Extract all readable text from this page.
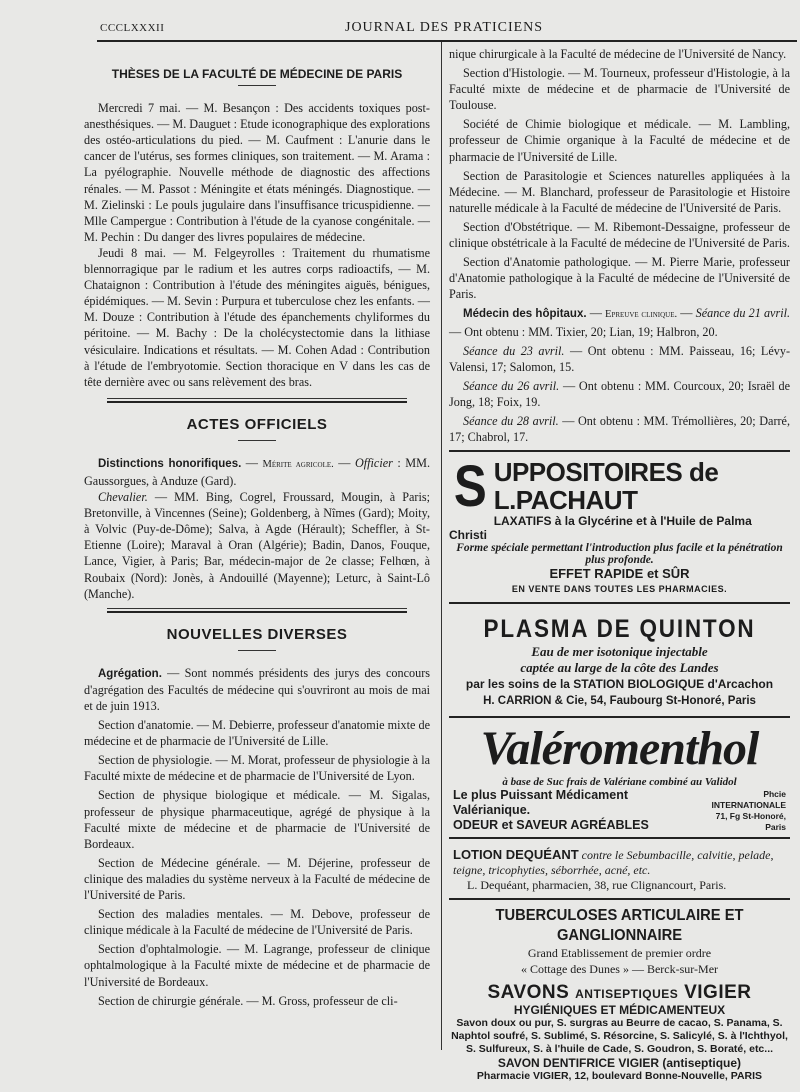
CCCLXXXII	JOURNAL DES PRATICIENS
THÈSES DE LA FACULTÉ DE MÉDECINE DE PARIS

Mercredi 7 mai. — M. Besançon : Des accidents toxiques post-anesthésiques. — M. Dauguet : Etude iconographique des explorations des ostéo-articulations du pied. — M. Caufment : L'anurie dans le cancer de l'utérus, ses formes cliniques, son traitement. — M. Arama : La pyélographie. Nouvelle méthode de diagnostic des affections rénales. — M. Passot : Méningite et états méningés. Diagnostique. — M. Zielinski : Le pouls jugulaire dans l'insuffisance tricuspidienne. — Mlle Campergue : Contribution à l'étude de la cyanose congénitale. — M. Pechin : Du danger des livres populaires de médecine.

Jeudi 8 mai. — M. Felgeyrolles : Traitement du rhumatisme blennorragique par le radium et les autres corps radioactifs, — M. Chataignon : Contribution à l'étude des méningites aiguës, bénigues, épidémiques. — M. Sevin : Purpura et tuberculose chez les enfants. — M. Douze : Contribution à l'étude des épanchements chyliformes du péritoine. — M. Bachy : De la cholécystectomie dans la lithiase vésiculaire. Indications et résultats. — M. Cohen Adad : Contribution à l'étude de l'embryotomie. Section thoracique en V dans les cas de tête dernière avec ou sans relèvement des bras.

ACTES OFFICIELS

Distinctions honorifiques. — Mérite agricole. — Officier : MM. Gaussorgues, à Anduze (Gard).

Chevalier. — MM. Bing, Cogrel, Froussard, Mougin, à Paris; Bretonville, à Vincennes (Seine); Goldenberg, à Nîmes (Gard); Moity, à Volvic (Puy-de-Dôme); Salva, à Agde (Hérault); Scheffler, à St-Etienne (Loire); Maraval à Oran (Algérie); Badin, Danos, Fouque, Lance, Vigier, à Paris; Bar, médecin-major de 2e classe; Felhœn, à Roubaix (Nord): Jonès, à Andouillé (Mayenne); Leturc, à Saint-Lô (Manche).

NOUVELLES DIVERSES

Agrégation. — Sont nommés présidents des jurys des concours d'agrégation des Facultés de médecine qui s'ouvriront au mois de mai et de juin 1913.

Section d'anatomie. — M. Debierre, professeur d'anatomie mixte de médecine et de pharmacie de l'Université de Lille.

Section de physiologie. — M. Morat, professeur de physiologie à la Faculté mixte de médecine et de pharmacie de l'Université de Lyon.

Section de physique biologique et médicale. — M. Sigalas, professeur de physique pharmaceutique, agrégé de physique à la Faculté mixte de médecine et de pharmacie de l'Université de Bordeaux.

Section de Médecine générale. — M. Déjerine, professeur de clinique des maladies du système nerveux à la Faculté de médecine de l'Université de Paris.

Section des maladies mentales. — M. Debove, professeur de clinique médicale à la Faculté de médecine de l'Université de Paris.

Section d'ophtalmologie. — M. Lagrange, professeur de clinique ophtalmologique à la Faculté mixte de médecine et de pharmacie de l'Université de Bordeaux.

Section de chirurgie générale. — M. Gross, professeur de cli-

nique chirurgicale à la Faculté de médecine de l'Université de Nancy.

Section d'Histologie. — M. Tourneux, professeur d'Histologie, à la Faculté mixte de médecine et de pharmacie de l'Université de Toulouse.

Société de Chimie biologique et médicale. — M. Lambling, professeur de Chimie organique à la Faculté de médecine et de pharmacie de l'Université de Lille.

Section de Parasitologie et Sciences naturelles appliquées à la Médecine. — M. Blanchard, professeur de Parasitologie et Histoire naturelle médicale à la Faculté de médecine de l'Université de Paris.

Section d'Obstétrique. — M. Ribemont-Dessaigne, professeur de clinique obstétricale à la Faculté de médecine de l'Université de Paris.

Section d'Anatomie pathologique. — M. Pierre Marie, professeur d'Anatomie pathologique à la Faculté de médecine de l'Université de Paris.

Médecin des hôpitaux. — Epreuve clinique. — Séance du 21 avril. — Ont obtenu : MM. Tixier, 20; Lian, 19; Halbron, 20.

Séance du 23 avril. — Ont obtenu : MM. Paisseau, 16; Lévy-Valensi, 17; Salomon, 15.

Séance du 26 avril. — Ont obtenu : MM. Courcoux, 20; Israël de Jong, 18; Foix, 19.

Séance du 28 avril. — Ont obtenu : MM. Trémollières, 20; Darré, 17; Chabrol, 17.

S UPPOSITOIRES de L.PACHAUT
LAXATIFS à la Glycérine et à l'Huile de Palma Christi
Forme spéciale permettant l'introduction plus facile et la pénétration plus profonde.
EFFET RAPIDE et SÛR
EN VENTE DANS TOUTES LES PHARMACIES.
PLASMA DE QUINTON
Eau de mer isotonique injectable
captée au large de la côte des Landes
par les soins de la STATION BIOLOGIQUE d'Arcachon
H. CARRION & Cie, 54, Faubourg St-Honoré, Paris
Valéromenthol
à base de Suc frais de Valériane combiné au Validol
Le plus Puissant Médicament Valérianique.
ODEUR et SAVEUR AGRÉABLES
Phcie INTERNATIONALE
71, Fg St-Honoré, Paris
LOTION DEQUÉANT contre le Sebumbacille, calvitie, pelade, teigne, tricophyties, séborrhée, acné, etc.
L. Dequéant, pharmacien, 38, rue Clignancourt, Paris.
TUBERCULOSES ARTICULAIRE ET GANGLIONNAIRE
Grand Etablissement de premier ordre
« Cottage des Dunes » — Berck-sur-Mer
SAVONS ANTISEPTIQUES VIGIER
HYGIÉNIQUES ET MÉDICAMENTEUX
Savon doux ou pur, S. surgras au Beurre de cacao, S. Panama, S. Naphtol soufré, S. Sublimé, S. Résorcine, S. Salicylé, S. à l'Ichthyol, S. Sulfureux, S. à l'huile de Cade, S. Goudron, S. Boraté, etc...
SAVON DENTIFRICE VIGIER (antiseptique)
Pharmacie VIGIER, 12, boulevard Bonne-Nouvelle, PARIS
